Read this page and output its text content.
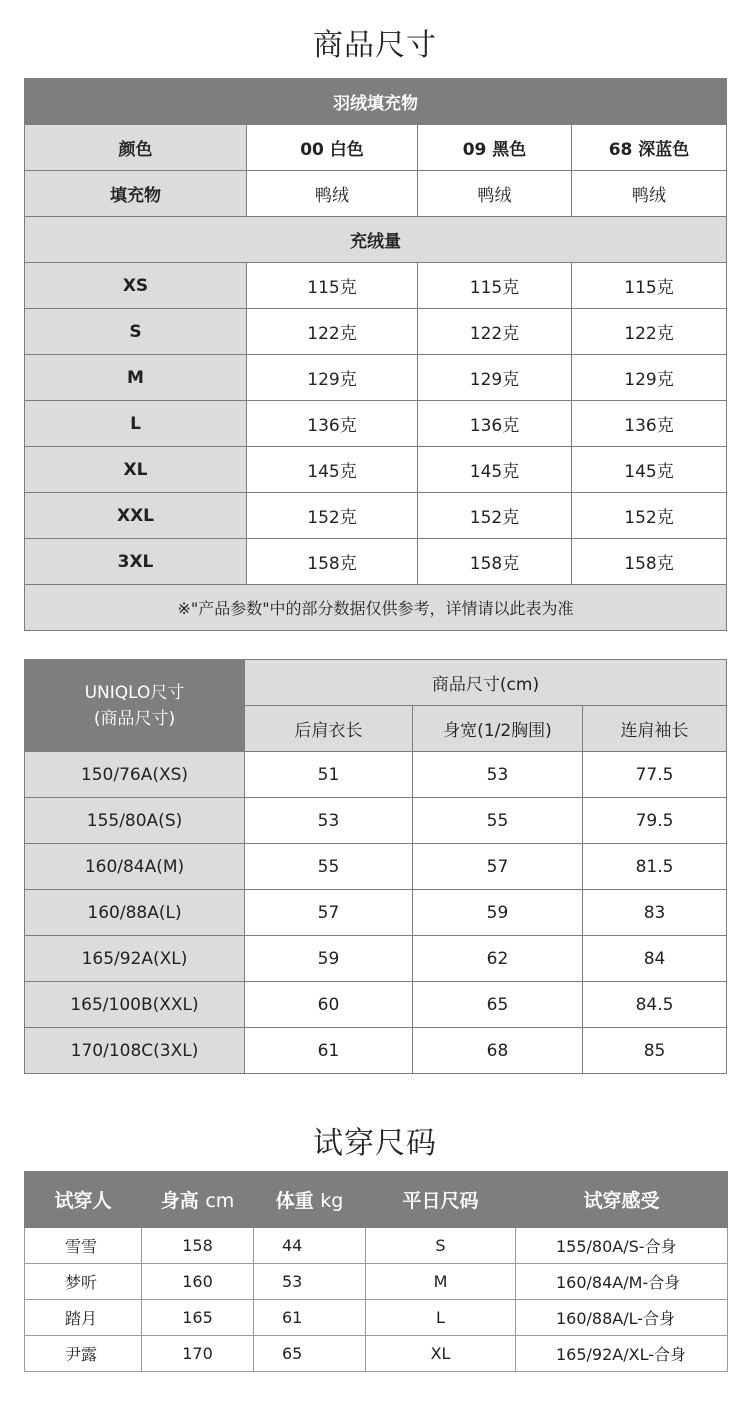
商品尺寸
羽绒填充物			
颜色	00 白色	09 黑色	68 深蓝色
填充物	鸭绒	鸭绒	鸭绒
充绒量			
XS	115克	115克	115克
S	122克	122克	122克
M	129克	129克	129克
L	136克	136克	136克
XL	145克	145克	145克
XXL	152克	152克	152克
3XL	158克	158克	158克
※"产品参数"中的部分数据仅供参考，详情请以此表为准			
UNIQLO尺寸
(商品尺寸)	商品尺寸(cm)		
	后肩衣长	身宽(1/2胸围)	连肩袖长
150/76A(XS)	51	53	77.5
155/80A(S)	53	55	79.5
160/84A(M)	55	57	81.5
160/88A(L)	57	59	83
165/92A(XL)	59	62	84
165/100B(XXL)	60	65	84.5
170/108C(3XL)	61	68	85
试穿尺码
试穿人	身高 cm	体重 kg	平日尺码	试穿感受
雪雪	158	44	S	155/80A/S-合身
梦听	160	53	M	160/84A/M-合身
踏月	165	61	L	160/88A/L-合身
尹露	170	65	XL	165/92A/XL-合身
